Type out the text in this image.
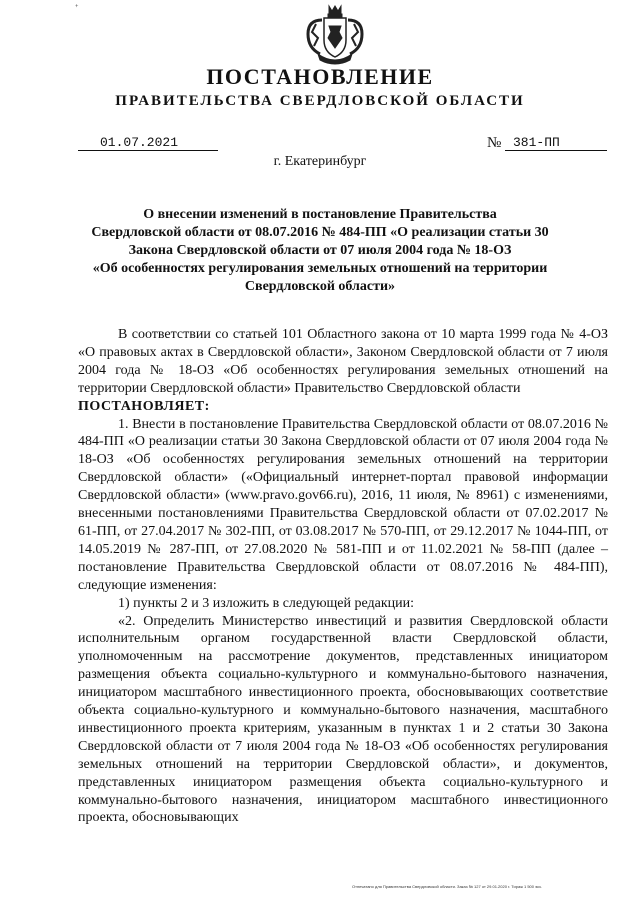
+
ПОСТАНОВЛЕНИЕ
ПРАВИТЕЛЬСТВА СВЕРДЛОВСКОЙ ОБЛАСТИ
01.07.2021	№ 381-ПП
г. Екатеринбург
О внесении изменений в постановление Правительства
Свердловской области от 08.07.2016 № 484-ПП «О реализации статьи 30
Закона Свердловской области от 07 июля 2004 года № 18-ОЗ
«Об особенностях регулирования земельных отношений на территории
Свердловской области»

В соответствии со статьей 101 Областного закона от 10 марта 1999 года № 4-ОЗ «О правовых актах в Свердловской области», Законом Свердловской области от 7 июля 2004 года № 18-ОЗ «Об особенностях регулирования земельных отношений на территории Свердловской области» Правительство Свердловской области

ПОСТАНОВЛЯЕТ:

1. Внести в постановление Правительства Свердловской области от 08.07.2016 № 484-ПП «О реализации статьи 30 Закона Свердловской области от 07 июля 2004 года № 18-ОЗ «Об особенностях регулирования земельных отношений на территории Свердловской области» («Официальный интернет-портал правовой информации Свердловской области» (www.pravo.gov66.ru), 2016, 11 июля, № 8961) с изменениями, внесенными постановлениями Правительства Свердловской области от 07.02.2017 № 61-ПП, от 27.04.2017 № 302-ПП, от 03.08.2017 № 570-ПП, от 29.12.2017 № 1044-ПП, от 14.05.2019 № 287-ПП, от 27.08.2020 № 581-ПП и от 11.02.2021 № 58-ПП (далее – постановление Правительства Свердловской области от 08.07.2016 № 484-ПП), следующие изменения:

1) пункты 2 и 3 изложить в следующей редакции:

«2. Определить Министерство инвестиций и развития Свердловской области исполнительным органом государственной власти Свердловской области, уполномоченным на рассмотрение документов, представленных инициатором размещения объекта социально-культурного и коммунально-бытового назначения, инициатором масштабного инвестиционного проекта, обосновывающих соответствие объекта социально-культурного и коммунально-бытового назначения, масштабного инвестиционного проекта критериям, указанным в пунктах 1 и 2 статьи 30 Закона Свердловской области от 7 июля 2004 года № 18-ОЗ «Об особенностях регулирования земельных отношений на территории Свердловской области», и документов, представленных инициатором размещения объекта социально-культурного и коммунально-бытового назначения, инициатором масштабного инвестиционного проекта, обосновывающих

Отпечатано для Правительства Свердловской области. Заказ № 127 от 29.01.2020 г. Тираж 1 500 экз.
